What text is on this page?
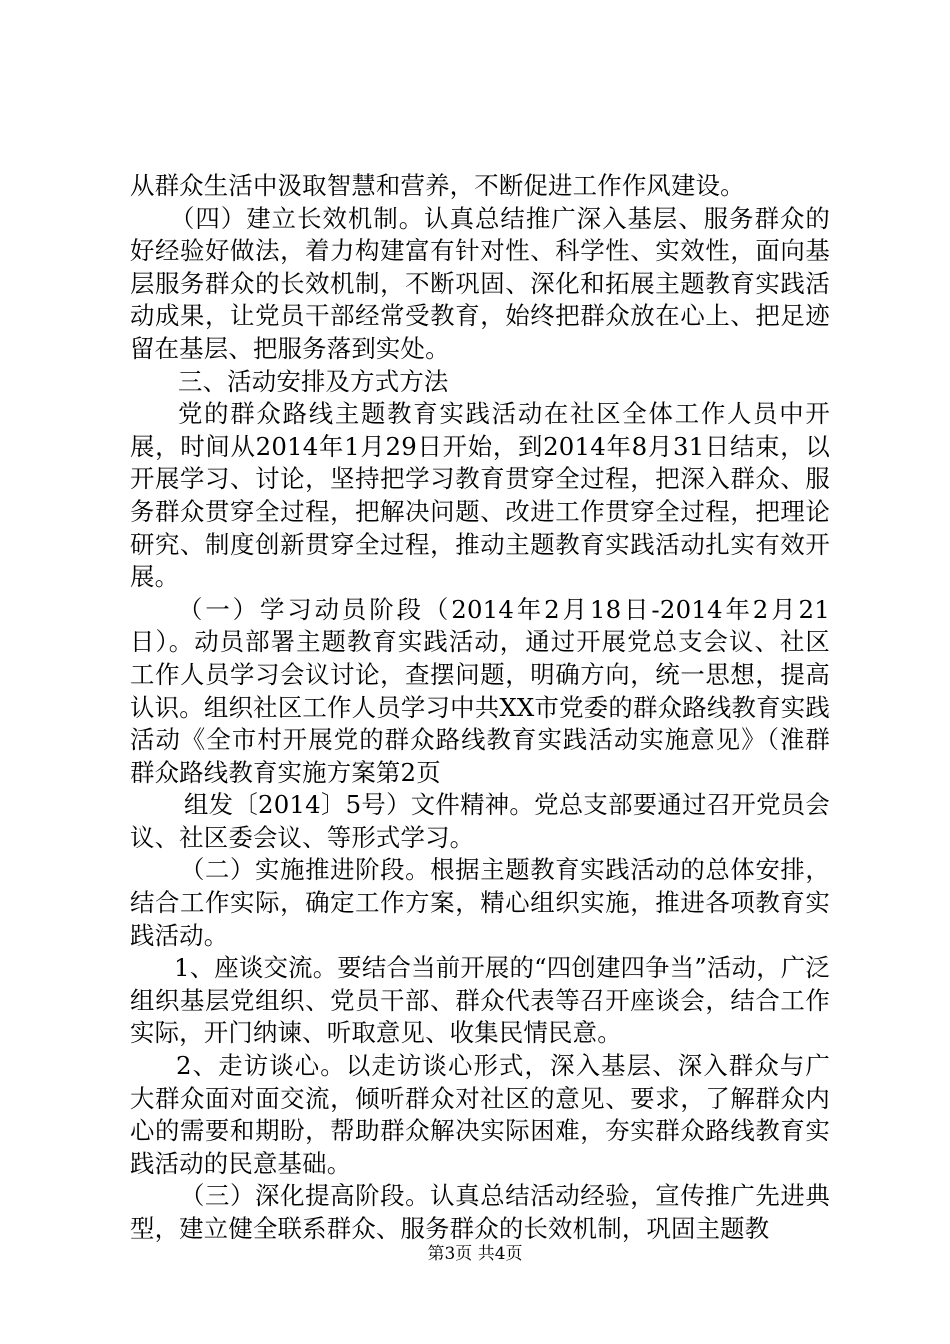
从群众生活中汲取智慧和营养，不断促进工作作风建设。

（四）建立长效机制。认真总结推广深入基层、服务群众的好经验好做法，着力构建富有针对性、科学性、实效性，面向基层服务群众的长效机制，不断巩固、深化和拓展主题教育实践活动成果，让党员干部经常受教育，始终把群众放在心上、把足迹留在基层、把服务落到实处。

三、活动安排及方式方法

党的群众路线主题教育实践活动在社区全体工作人员中开展，时间从2014年1月29日开始，到2014年8月31日结束，以开展学习、讨论，坚持把学习教育贯穿全过程，把深入群众、服务群众贯穿全过程，把解决问题、改进工作贯穿全过程，把理论研究、制度创新贯穿全过程，推动主题教育实践活动扎实有效开展。

（一）学习动员阶段（2014年2月18日-2014年2月21日）。动员部署主题教育实践活动，通过开展党总支会议、社区工作人员学习会议讨论，查摆问题，明确方向，统一思想，提高认识。组织社区工作人员学习中共XX市党委的群众路线教育实践活动《全市村开展党的群众路线教育实践活动实施意见》（淮群群众路线教育实施方案第2页

组发〔2014〕5号）文件精神。党总支部要通过召开党员会议、社区委会议、等形式学习。

（二）实施推进阶段。根据主题教育实践活动的总体安排，结合工作实际，确定工作方案，精心组织实施，推进各项教育实践活动。

1、座谈交流。要结合当前开展的“四创建四争当”活动，广泛组织基层党组织、党员干部、群众代表等召开座谈会，结合工作实际，开门纳谏、听取意见、收集民情民意。

2、走访谈心。以走访谈心形式，深入基层、深入群众与广大群众面对面交流，倾听群众对社区的意见、要求，了解群众内心的需要和期盼，帮助群众解决实际困难，夯实群众路线教育实践活动的民意基础。

（三）深化提高阶段。认真总结活动经验，宣传推广先进典型，建立健全联系群众、服务群众的长效机制，巩固主题教

第3页 共4页
